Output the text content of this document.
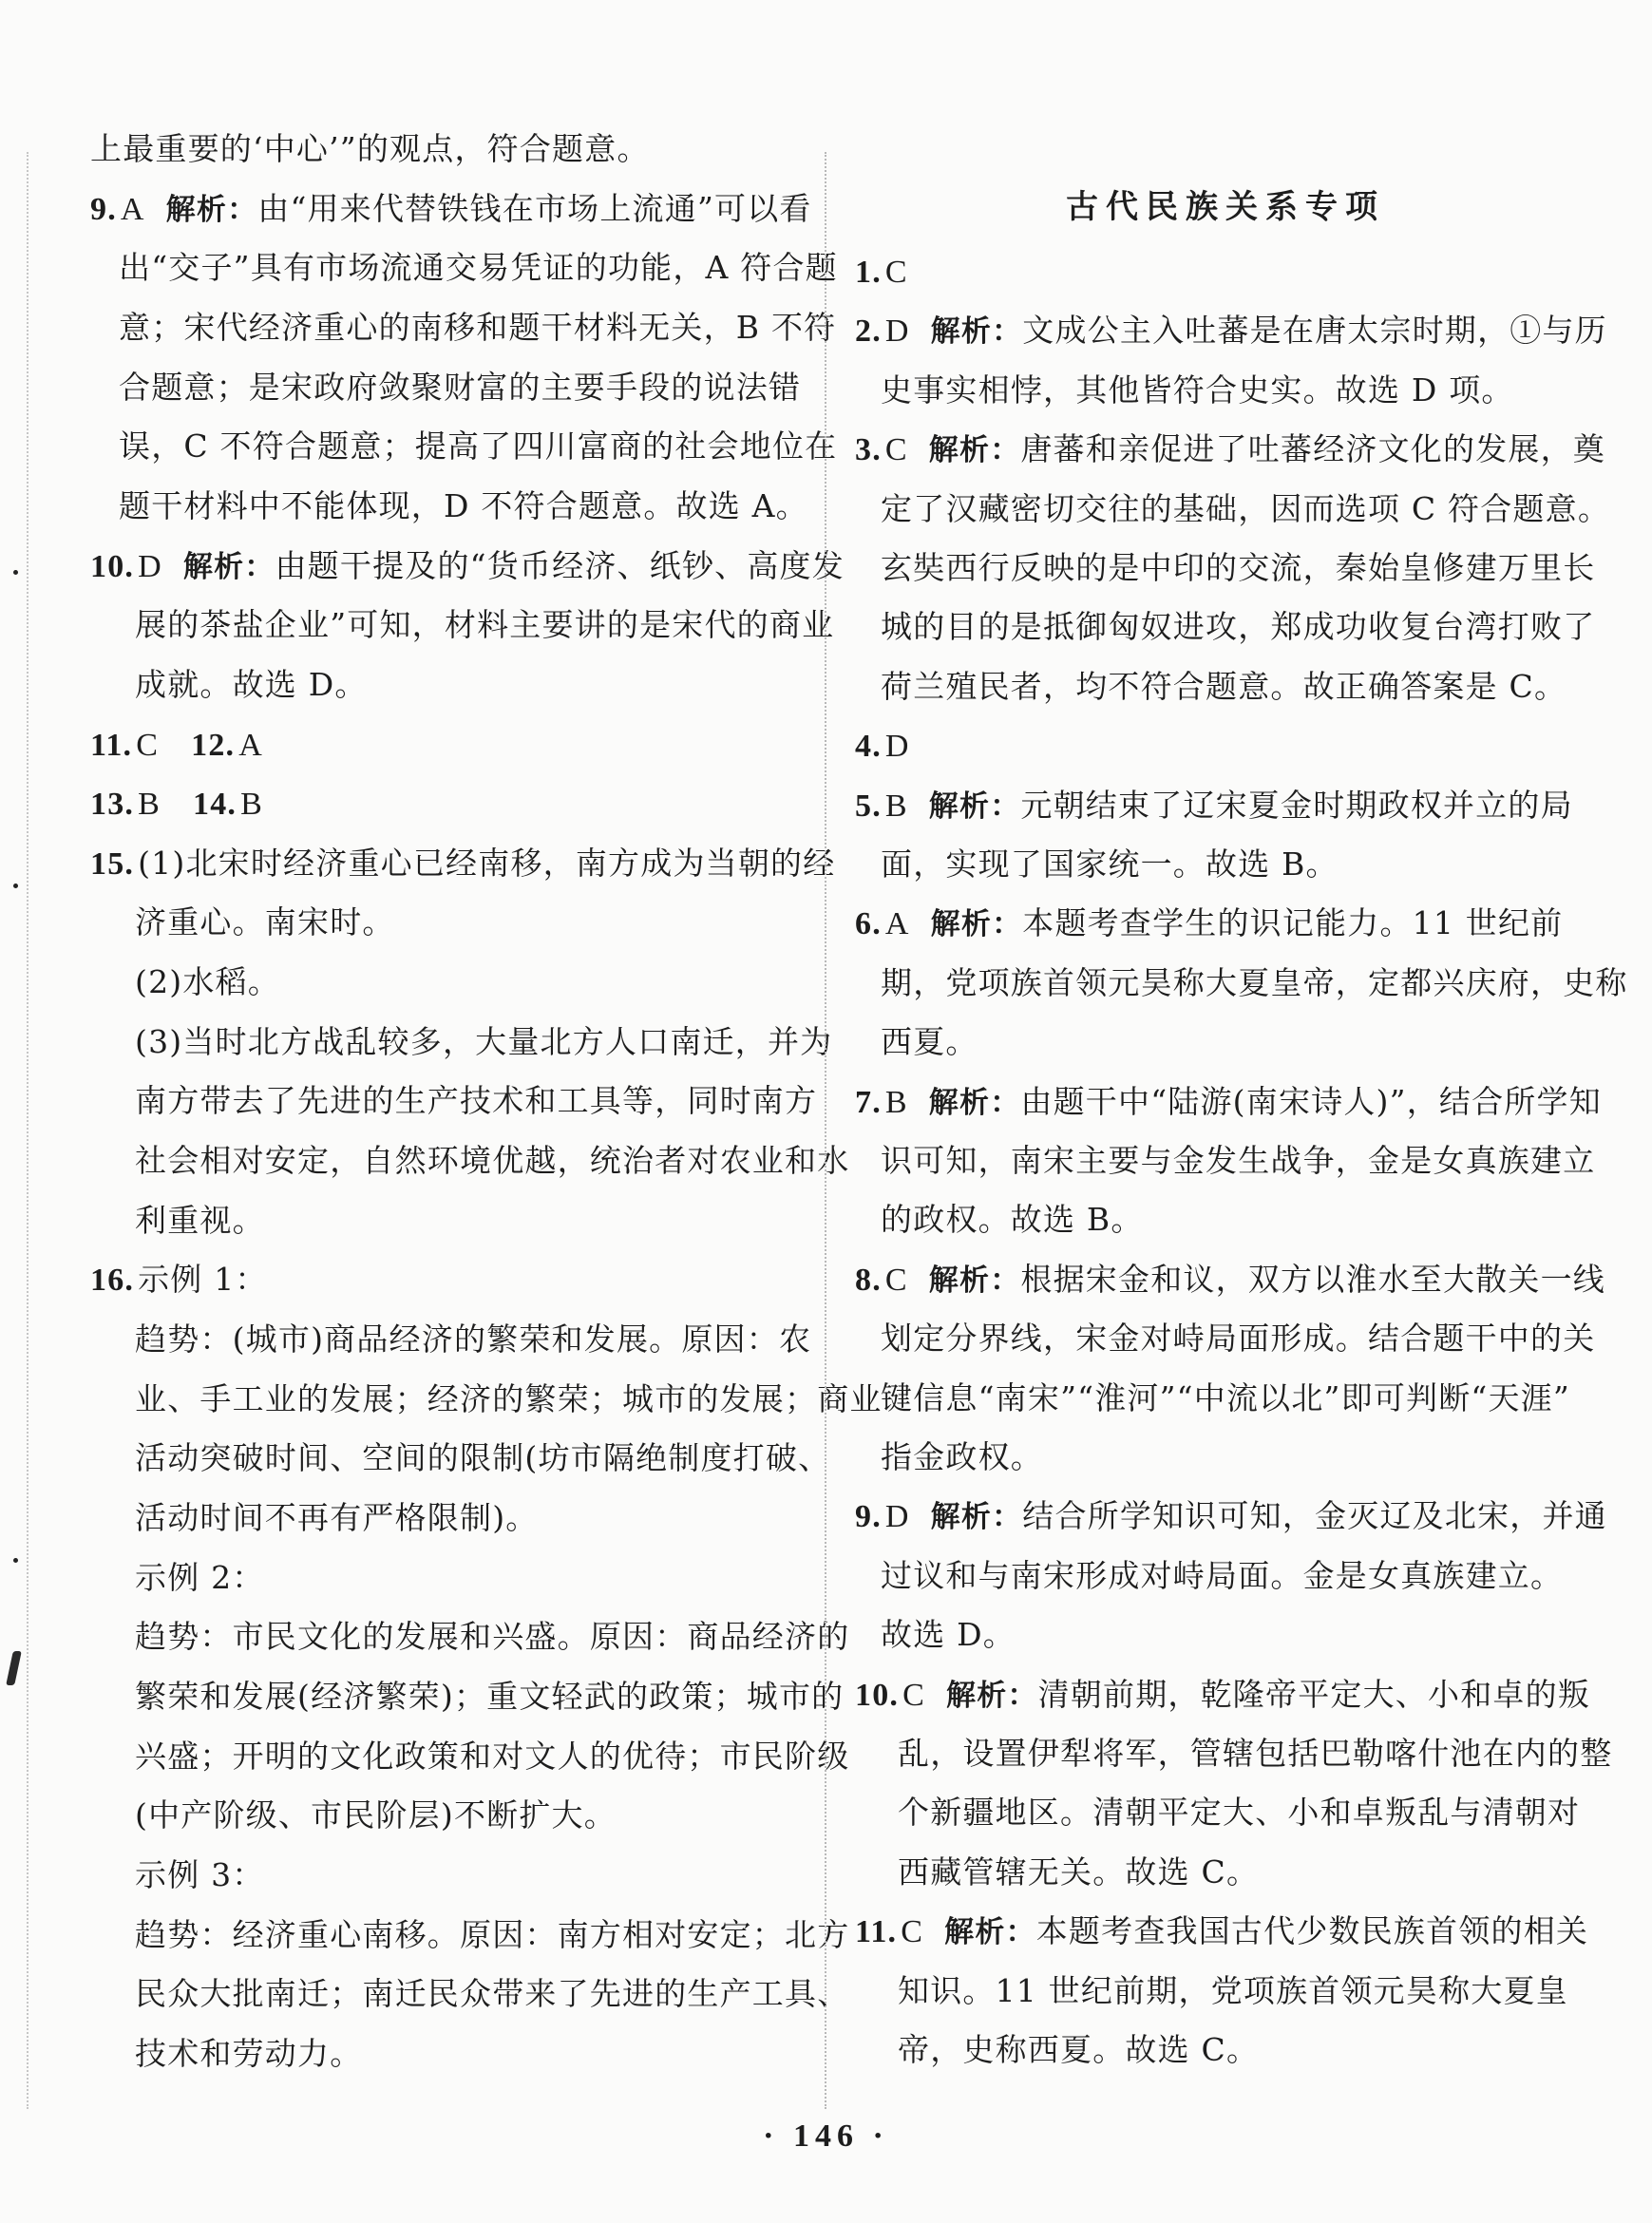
上最重要的‘中心’”的观点，符合题意。
9. A 解析：由“用来代替铁钱在市场上流通”可以看
出“交子”具有市场流通交易凭证的功能，A 符合题
意；宋代经济重心的南移和题干材料无关，B 不符
合题意；是宋政府敛聚财富的主要手段的说法错
误，C 不符合题意；提高了四川富商的社会地位在
题干材料中不能体现，D 不符合题意。故选 A。
10. D 解析：由题干提及的“货币经济、纸钞、高度发
展的茶盐企业”可知，材料主要讲的是宋代的商业
成就。故选 D。
11. C 12. A
13. B 14. B
15. (1)北宋时经济重心已经南移，南方成为当朝的经
济重心。南宋时。
(2)水稻。
(3)当时北方战乱较多，大量北方人口南迁，并为
南方带去了先进的生产技术和工具等，同时南方
社会相对安定，自然环境优越，统治者对农业和水
利重视。
16. 示例 1：
趋势：(城市)商品经济的繁荣和发展。原因：农
业、手工业的发展；经济的繁荣；城市的发展；商业
活动突破时间、空间的限制(坊市隔绝制度打破、
活动时间不再有严格限制)。
示例 2：
趋势：市民文化的发展和兴盛。原因：商品经济的
繁荣和发展(经济繁荣)；重文轻武的政策；城市的
兴盛；开明的文化政策和对文人的优待；市民阶级
(中产阶级、市民阶层)不断扩大。
示例 3：
趋势：经济重心南移。原因：南方相对安定；北方
民众大批南迁；南迁民众带来了先进的生产工具、
技术和劳动力。
古代民族关系专项
1. C
2. D 解析：文成公主入吐蕃是在唐太宗时期，①与历
史事实相悖，其他皆符合史实。故选 D 项。
3. C 解析：唐蕃和亲促进了吐蕃经济文化的发展，奠
定了汉藏密切交往的基础，因而选项 C 符合题意。
玄奘西行反映的是中印的交流，秦始皇修建万里长
城的目的是抵御匈奴进攻，郑成功收复台湾打败了
荷兰殖民者，均不符合题意。故正确答案是 C。
4. D
5. B 解析：元朝结束了辽宋夏金时期政权并立的局
面，实现了国家统一。故选 B。
6. A 解析：本题考查学生的识记能力。11 世纪前
期，党项族首领元昊称大夏皇帝，定都兴庆府，史称
西夏。
7. B 解析：由题干中“陆游(南宋诗人)”，结合所学知
识可知，南宋主要与金发生战争，金是女真族建立
的政权。故选 B。
8. C 解析：根据宋金和议，双方以淮水至大散关一线
划定分界线，宋金对峙局面形成。结合题干中的关
键信息“南宋”“淮河”“中流以北”即可判断“天涯”
指金政权。
9. D 解析：结合所学知识可知，金灭辽及北宋，并通
过议和与南宋形成对峙局面。金是女真族建立。
故选 D。
10. C 解析：清朝前期，乾隆帝平定大、小和卓的叛
乱，设置伊犁将军，管辖包括巴勒喀什池在内的整
个新疆地区。清朝平定大、小和卓叛乱与清朝对
西藏管辖无关。故选 C。
11. C 解析：本题考查我国古代少数民族首领的相关
知识。11 世纪前期，党项族首领元昊称大夏皇
帝，史称西夏。故选 C。
· 146 ·
